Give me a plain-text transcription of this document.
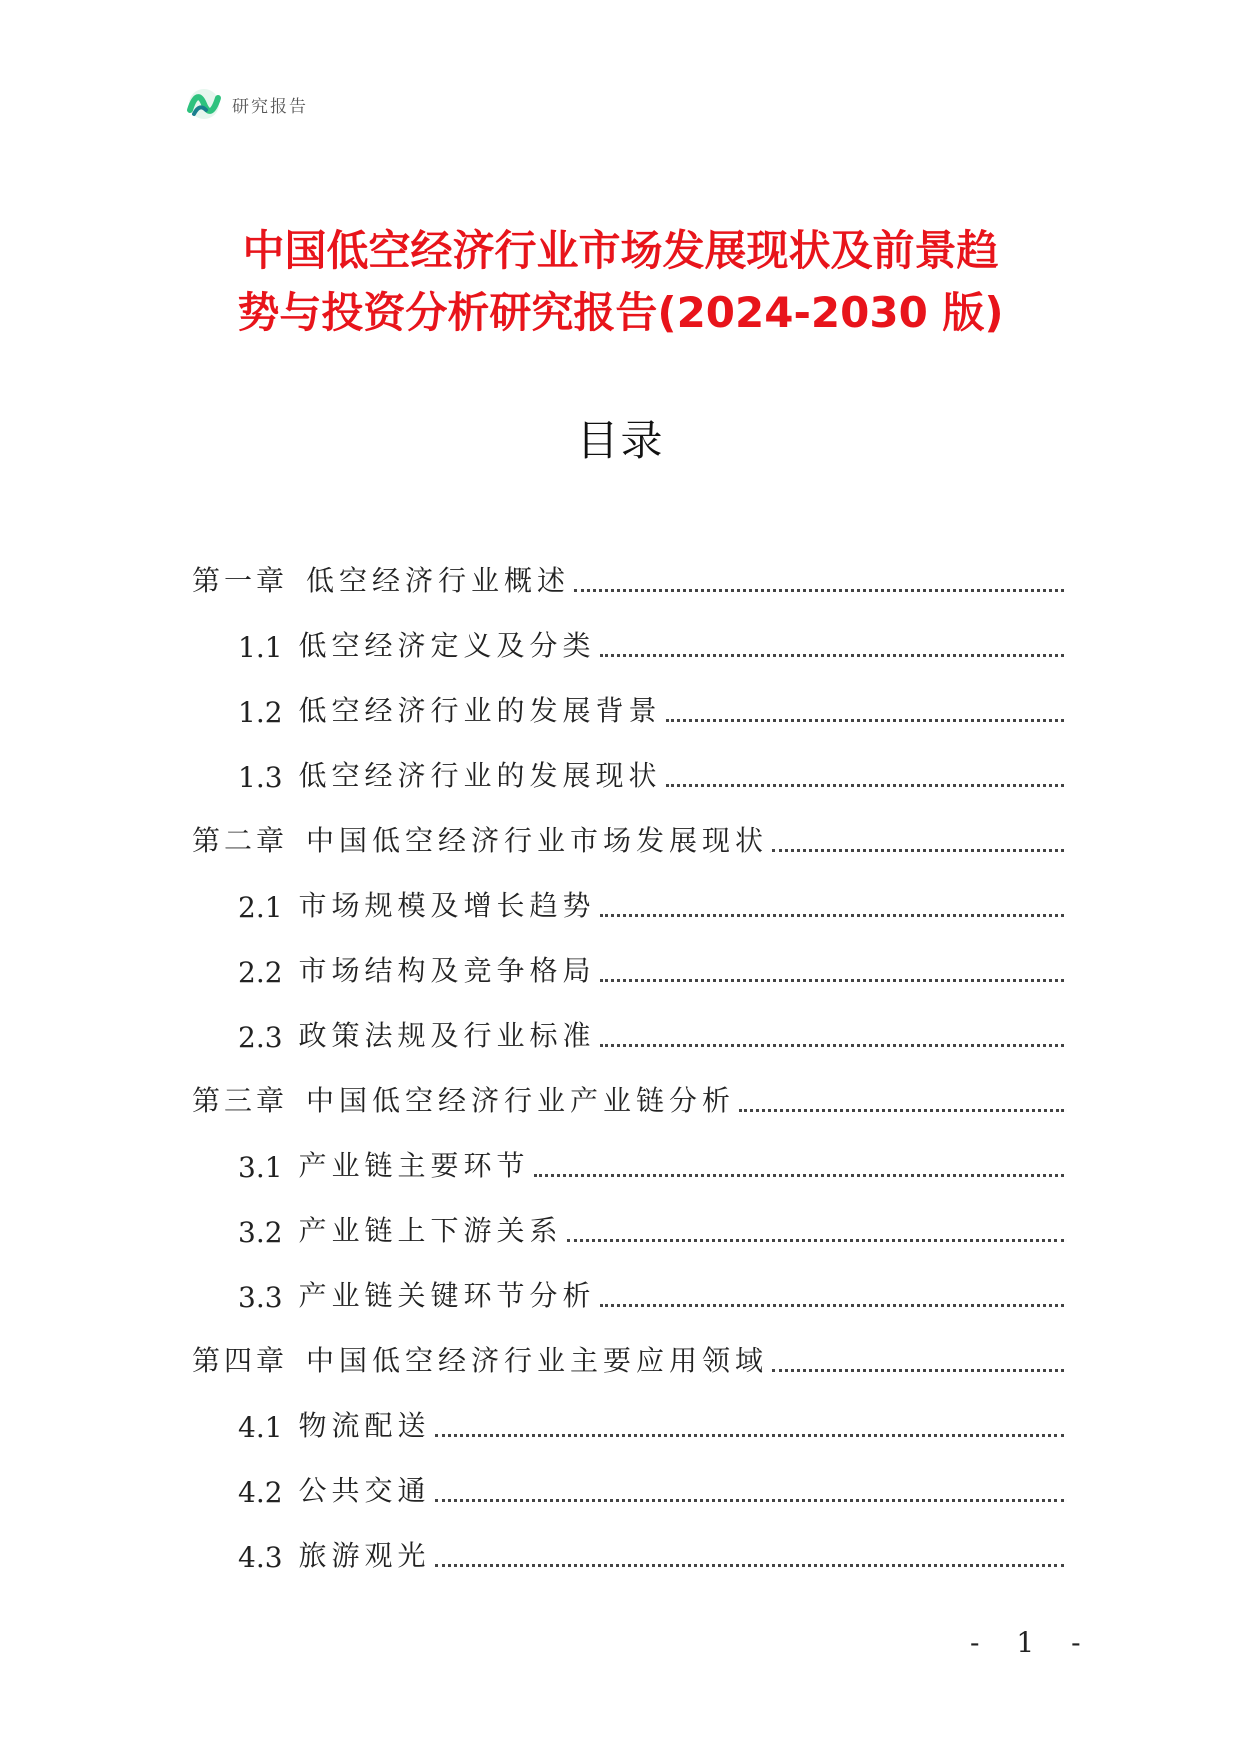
研究报告
中国低空经济行业市场发展现状及前景趋
势与投资分析研究报告(2024-2030 版)
目录
第一章 低空经济行业概述
1.1 低空经济定义及分类
1.2 低空经济行业的发展背景
1.3 低空经济行业的发展现状
第二章 中国低空经济行业市场发展现状
2.1 市场规模及增长趋势
2.2 市场结构及竞争格局
2.3 政策法规及行业标准
第三章 中国低空经济行业产业链分析
3.1 产业链主要环节
3.2 产业链上下游关系
3.3 产业链关键环节分析
第四章 中国低空经济行业主要应用领域
4.1 物流配送
4.2 公共交通
4.3 旅游观光
- 1 -
